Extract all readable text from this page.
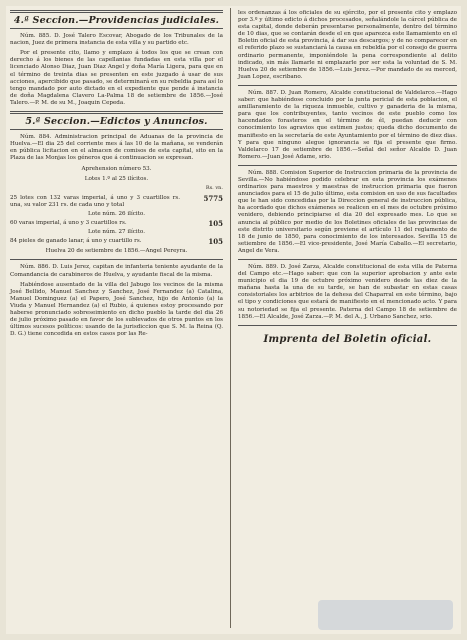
4.ª Seccion.—Providencias judiciales.

Núm. 885. D. José Talero Escovar, Abogado de los Tribunales de la nacion, Juez de primera instancia de esta villa y su partido etc.

Por el presente cito, llamo y emplazo á todos los que se crean con derecho á los bienes de las capellanias fundadas en esta villa por el licenciado Alonso Diaz, Juan Diaz Angel y doña María Ligera, para que en el término de treinta dias se presenten en este juzgado á usar de sus acciones, apercibido que pasado, se determinará en su rebeldia para así lo tengo mandado por auto dictado en el expediente que pende á instancia de doña Magdalena Clavero La-Palma 18 de setiembre de 1856.—José Talero.—P. M. de su M., Joaquin Cepeda.

5.ª Seccion.—Edictos y Anuncios.

Núm. 884. Administracion principal de Aduanas de la provincia de Huelva.—El dia 25 del corriente mes á las 10 de la mañana, se venderán en pública licitacion en el almacen de comisos de esta capital, sito en la Plaza de las Monjas los géneros que á continuacion se expresan.

Aprehension número 53.

Lotes 1.º al 25 ilícitos.

Rs. vn.

25 lotes con 132 varas imperial, á uno y 3 cuartillos rs. una, su valor 231 rs. de cada uno y total
5775

Lote núm. 26 ilícito.

60 varas imperial, á uno y 3 cuartillos rs.	105

Lote núm. 27 ilícito.

84 pieles de ganado lanar, á uno y cuartillo rs.	105

Huelva 20 de setiembre de 1856.—Angel Pereyra.

Núm. 886. D. Luis Jerez, capitan de infanteria teniente ayudante de la Comandancia de carabineros de Huelva, y ayudante fiscal de la misma.

Habiéndose ausentado de la villa del Jabugo los vecinos de la misma José Bellido, Manuel Sanchez y Sanchez, José Fernandez (a) Catalina, Manuel Dominguez (a) el Papero, José Sanchez, hijo de Antonio (a) la Viuda y Manuel Hernandez (a) el Rubio, á quienes estoy procesando por haberse pronunciado sobreseimiento en dicho pueblo la tarde del dia 26 de julio próximo pasado en favor de los sublevados de otros puntos en los últimos sucesos políticos: usando de la jurisdiccion que S. M. la Reina (Q. D. G.) tiene concedida en estos casos por las Re-

les ordenanzas á los oficiales de su ejército, por el presente cito y emplazo por 3.º y último edicto á dichos procesados, señalándole la cárcel pública de esta capital, donde deberán presentarse personalmente, dentro del término de 10 dias, que se contarán desde el en que aparezca este llamamiento en el Boletin oficial de esta provincia, á dar sus descargos; y de no comparecer en el referido plazo se sustanciará la causa en rebeldía por el consejo de guerra ordinario permanente, imponiéndole la pena correspondiente al delito indicado, sin más llamarle ni emplazarle por ser esta la voluntad de S. M. Huelva 20 de setiembre de 1856.—Luis Jerez.—Por mandado de su merced, Juan Lopez, escribano.

Núm. 887. D. Juan Romero, Alcalde constitucional de Valdelarco.—Hago saber: que habiéndose concluido por la junta pericial de esta poblacion, el amillaramiento de la riqueza inmueble, cultivo y ganaderia de la misma, para que los contribuyentes, tanto vecinos de este pueblo como los hacendados forasteros en el término de él, puedan deducir con conocimiento los agravios que estimen justos; queda dicho documento de manifiesto en la secretaría de este Ayuntamiento por el término de diez dias. Y para que ninguno alegue ignorancia se fija el presente que firmo. Valdelarco 17 de setiembre de 1856.—Señal del señor Alcalde D. Juan Romero.—Juan José Adame, srio.

Núm. 888. Comision Superior de Instruccion primaria de la provincia de Sevilla.—No habiéndose podido celebrar en esta provincia los exámenes ordinarios para maestros y maestras de instruccion primaria que fueron anunciados para el 15 de julio último, esta comision en uso de sus facultades que le han sido concedidas por la Direccion general de instruccion pública, ha acordado que dichos exámenes se realicen en el mes de octubre próximo venidero, debiendo principiarse el dia 20 del expresado mes. Lo que se anuncia al público por medio de los Boletines oficiales de las provincias de este distrito universitario según previene el artículo 11 del reglamento de 18 de junio de 1850, para conocimiento de los interesados. Sevilla 15 de setiembre de 1856.—El vice-presidente, José María Caballo.—El secretario, Angel de Vera.

Núm. 889. D. José Zarza, Alcalde constitucional de esta villa de Paterna del Campo etc.—Hago saber: que con la superior aprobacion y ante este municipio el dia 19 de octubre próximo venidero desde las diez de la mañana hasta la una de su tarde, se han de subastar en estas casas consistoriales los arbitrios de la dehesa del Chaparral en este término, bajo el tipo y condiciones que estará de manifiesto en el mencionado acto. Y para su notoriedad se fija el presente. Paterna del Campo 18 de setiembre de 1856.—El Alcalde, José Zarza.—P. M. del A., J. Urbano Sanchez, srio.

Imprenta del Boletin oficial.
